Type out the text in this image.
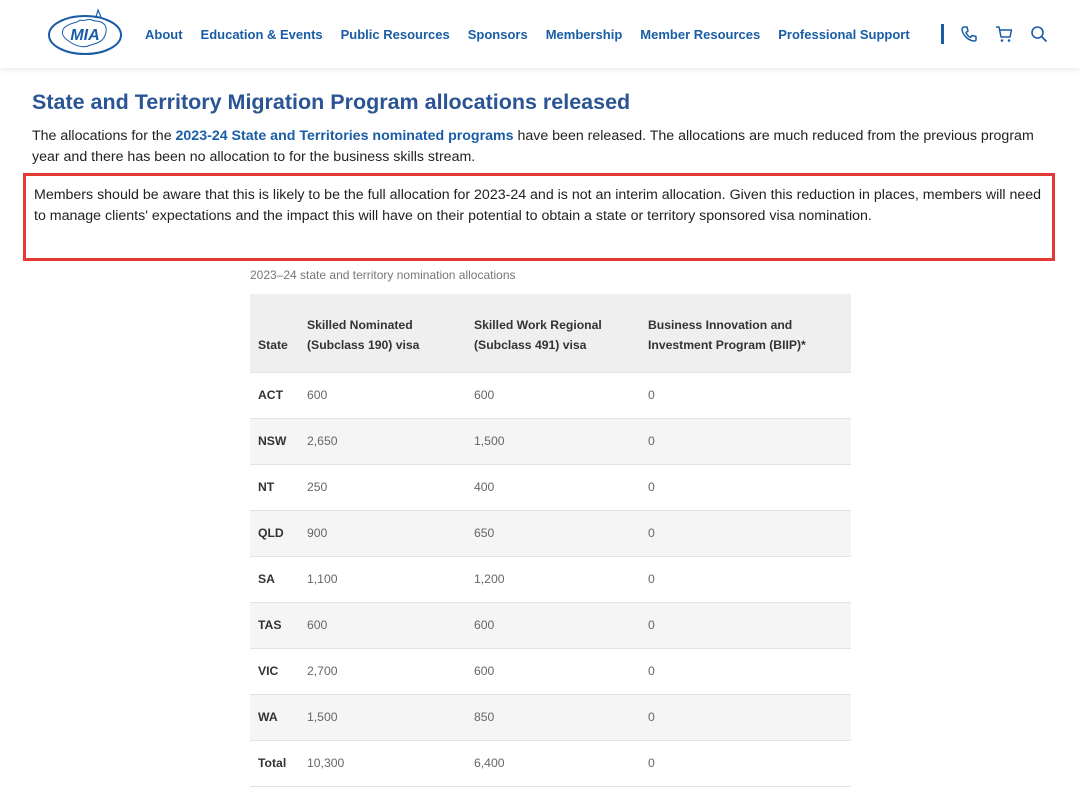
MIA	About Education & Events Public Resources Sponsors Membership Member Resources Professional Support
State and Territory Migration Program allocations released

The allocations for the 2023-24 State and Territories nominated programs have been released. The allocations are much reduced from the previous program year and there has been no allocation to for the business skills stream.

Members should be aware that this is likely to be the full allocation for 2023-24 and is not an interim allocation. Given this reduction in places, members will need to manage clients' expectations and the impact this will have on their potential to obtain a state or territory sponsored visa nomination.

2023–24 state and territory nomination allocations
State	Skilled Nominated (Subclass 190) visa	Skilled Work Regional (Subclass 491) visa	Business Innovation and Investment Program (BIIP)*
ACT	600	600	0
NSW	2,650	1,500	0
NT	250	400	0
QLD	900	650	0
SA	1,100	1,200	0
TAS	600	600	0
VIC	2,700	600	0
WA	1,500	850	0
Total	10,300	6,400	0
